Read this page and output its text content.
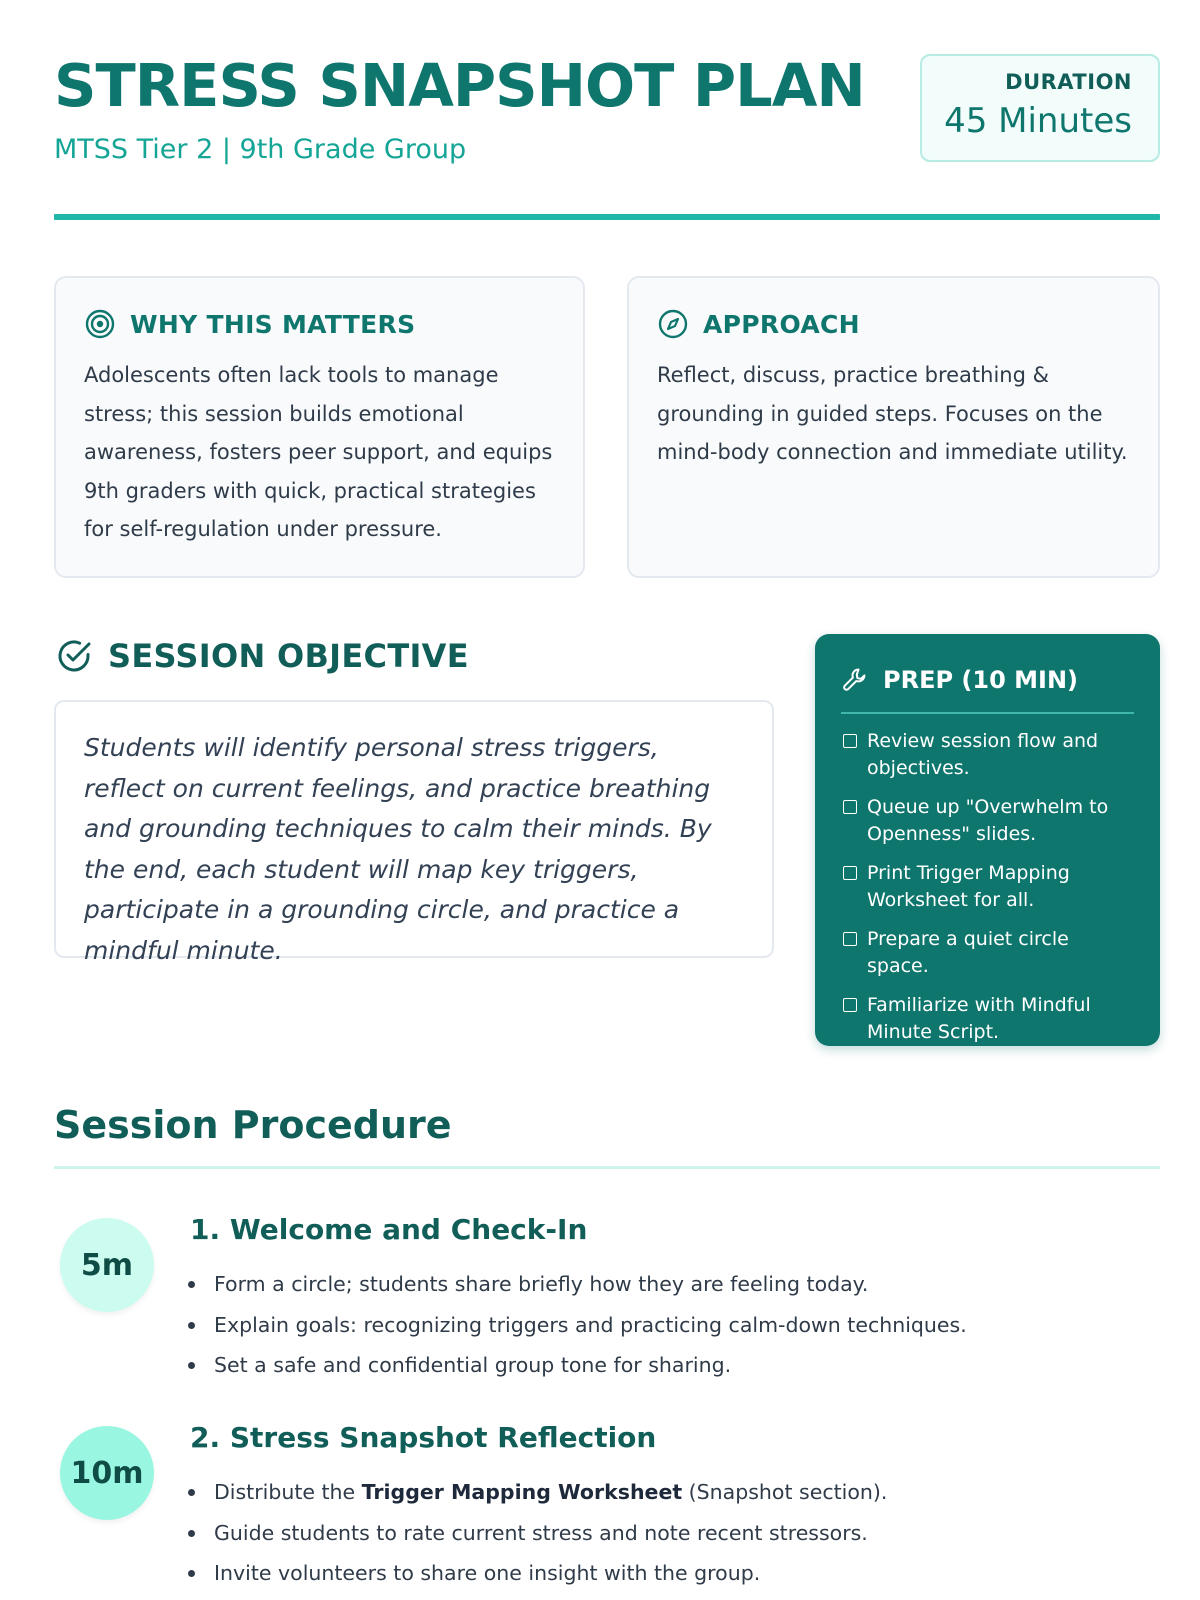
STRESS SNAPSHOT PLAN
MTSS Tier 2 | 9th Grade Group
DURATION
45 Minutes
WHY THIS MATTERS
Adolescents often lack tools to manage stress; this session builds emotional awareness, fosters peer support, and equips 9th graders with quick, practical strategies for self-regulation under pressure.
APPROACH
Reflect, discuss, practice breathing & grounding in guided steps. Focuses on the mind-body connection and immediate utility.
SESSION OBJECTIVE
Students will identify personal stress triggers, reflect on current feelings, and practice breathing and grounding techniques to calm their minds. By the end, each student will map key triggers, participate in a grounding circle, and practice a mindful minute.
PREP (10 MIN)
Review session flow and objectives.
Queue up "Overwhelm to Openness" slides.
Print Trigger Mapping Worksheet for all.
Prepare a quiet circle space.
Familiarize with Mindful Minute Script.
Session Procedure
5m
1. Welcome and Check-In
Form a circle; students share briefly how they are feeling today.
Explain goals: recognizing triggers and practicing calm-down techniques.
Set a safe and confidential group tone for sharing.
10m
2. Stress Snapshot Reflection
Distribute the Trigger Mapping Worksheet (Snapshot section).
Guide students to rate current stress and note recent stressors.
Invite volunteers to share one insight with the group.
